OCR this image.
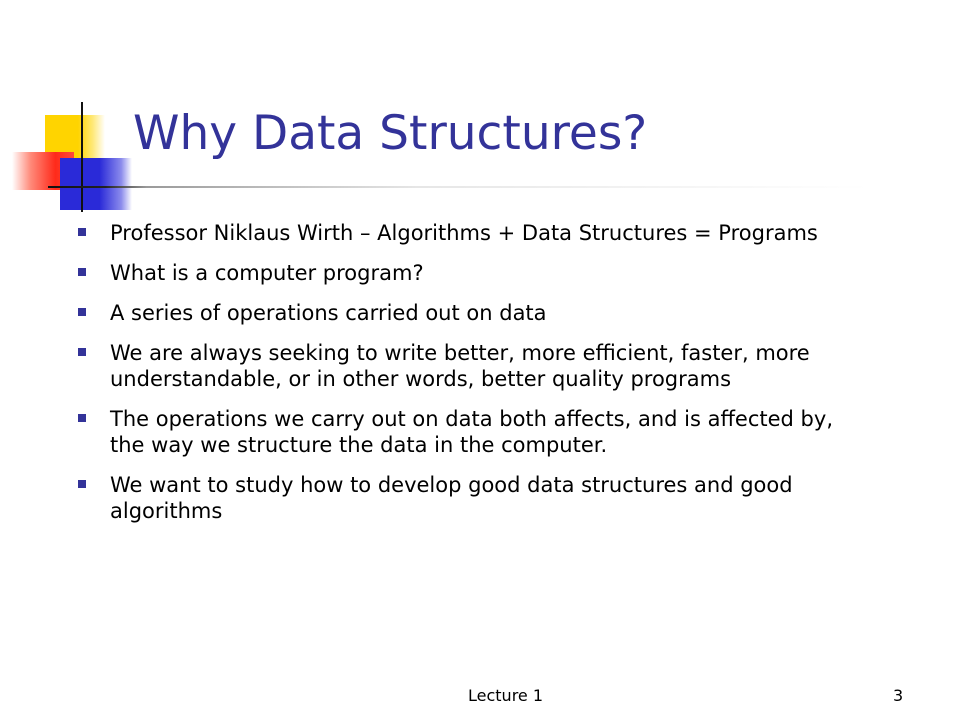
Why Data Structures?
Professor Niklaus Wirth – Algorithms + Data Structures = Programs
What is a computer program?
A series of operations carried out on data
We are always seeking to write better, more efficient, faster, more understandable, or in other words, better quality programs
The operations we carry out on data both affects, and is affected by, the way we structure the data in the computer.
We want to study how to develop good data structures and good algorithms
Lecture 1	3
